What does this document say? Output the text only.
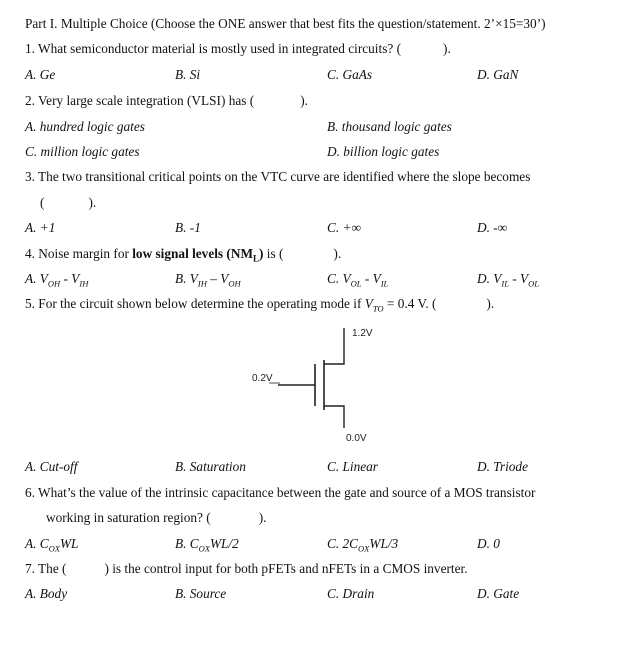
Part I. Multiple Choice (Choose the ONE answer that best fits the question/statement. 2’×15=30’)
1. What semiconductor material is mostly used in integrated circuits? (	).
A. Ge	B. Si	C. GaAs	D. GaN
2. Very large scale integration (VLSI) has (	).
A. hundred logic gates	B. thousand logic gates
C. million logic gates	D. billion logic gates
3. The two transitional critical points on the VTC curve are identified where the slope becomes
(	).
A. +1	B. -1	C. +∞	D. -∞
4. Noise margin for low signal levels $(NM_L)$ is (	).
A. $V_{OH} - V_{IH}$	B. $V_{IH} - V_{OH}$	C. $V_{OL} - V_{IL}$	D. $V_{IL} - V_{OL}$
5. For the circuit shown below determine the operating mode if $V_{TO} = 0.4$ V. (	).
0.2V
1.2V
0.0V
A. Cut-off	B. Saturation	C. Linear	D. Triode
6. What’s the value of the intrinsic capacitance between the gate and source of a MOS transistor
working in saturation region? (	).
A. $C_{OX}WL$	B. $C_{OX}WL/2$	C. $2C_{OX}WL/3$	D. 0
7. The (	) is the control input for both pFETs and nFETs in a CMOS inverter.
A. Body	B. Source	C. Drain	D. Gate
